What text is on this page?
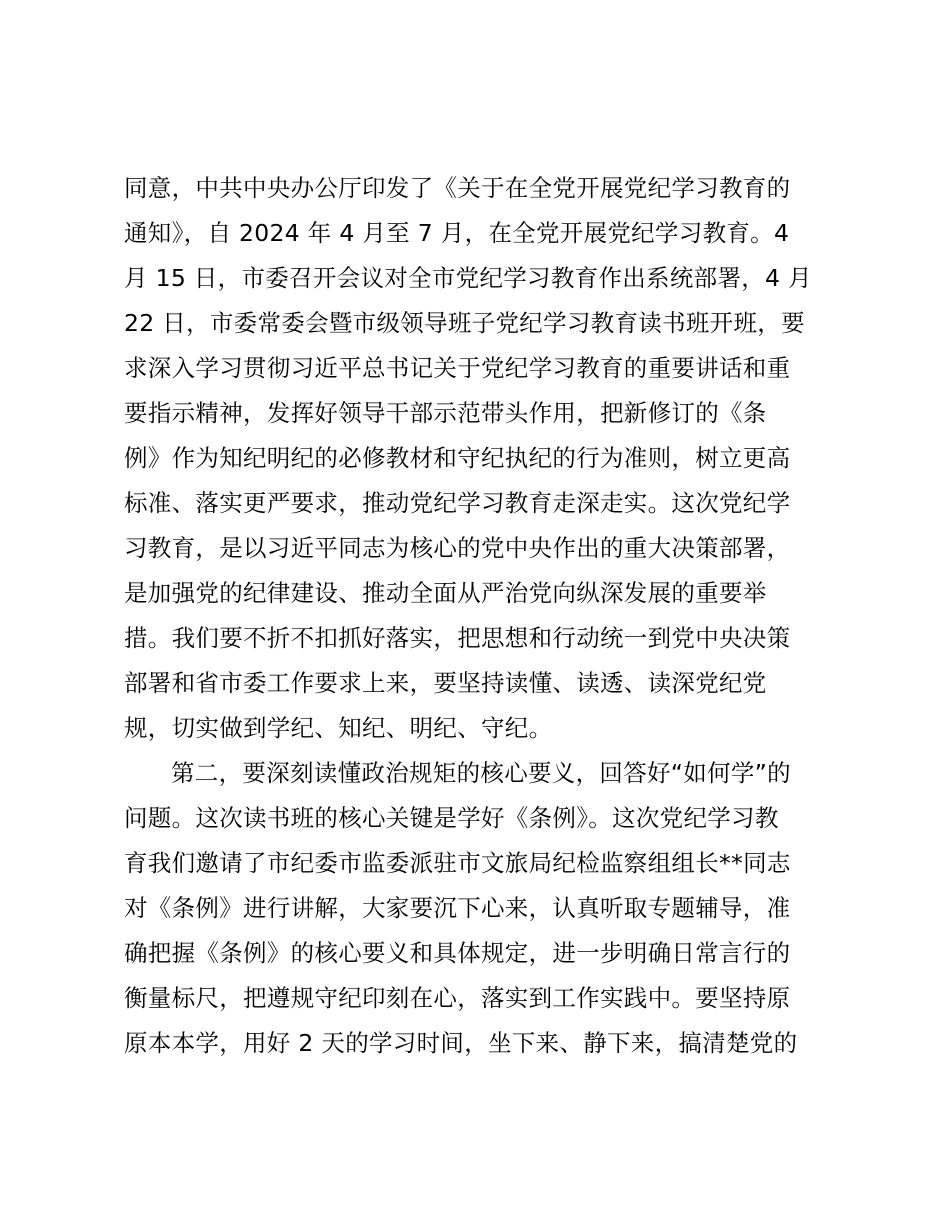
同意，中共中央办公厅印发了《关于在全党开展党纪学习教育的
通知》，自 2024 年 4 月至 7 月，在全党开展党纪学习教育。4
月 15 日，市委召开会议对全市党纪学习教育作出系统部署，4 月
22 日，市委常委会暨市级领导班子党纪学习教育读书班开班，要
求深入学习贯彻习近平总书记关于党纪学习教育的重要讲话和重
要指示精神，发挥好领导干部示范带头作用，把新修订的《条
例》作为知纪明纪的必修教材和守纪执纪的行为准则，树立更高
标准、落实更严要求，推动党纪学习教育走深走实。这次党纪学
习教育，是以习近平同志为核心的党中央作出的重大决策部署，
是加强党的纪律建设、推动全面从严治党向纵深发展的重要举
措。我们要不折不扣抓好落实，把思想和行动统一到党中央决策
部署和省市委工作要求上来，要坚持读懂、读透、读深党纪党
规，切实做到学纪、知纪、明纪、守纪。
第二，要深刻读懂政治规矩的核心要义，回答好“如何学”的
问题。这次读书班的核心关键是学好《条例》。这次党纪学习教
育我们邀请了市纪委市监委派驻市文旅局纪检监察组组长**同志
对《条例》进行讲解，大家要沉下心来，认真听取专题辅导，准
确把握《条例》的核心要义和具体规定，进一步明确日常言行的
衡量标尺，把遵规守纪印刻在心，落实到工作实践中。要坚持原
原本本学，用好 2 天的学习时间，坐下来、静下来，搞清楚党的
